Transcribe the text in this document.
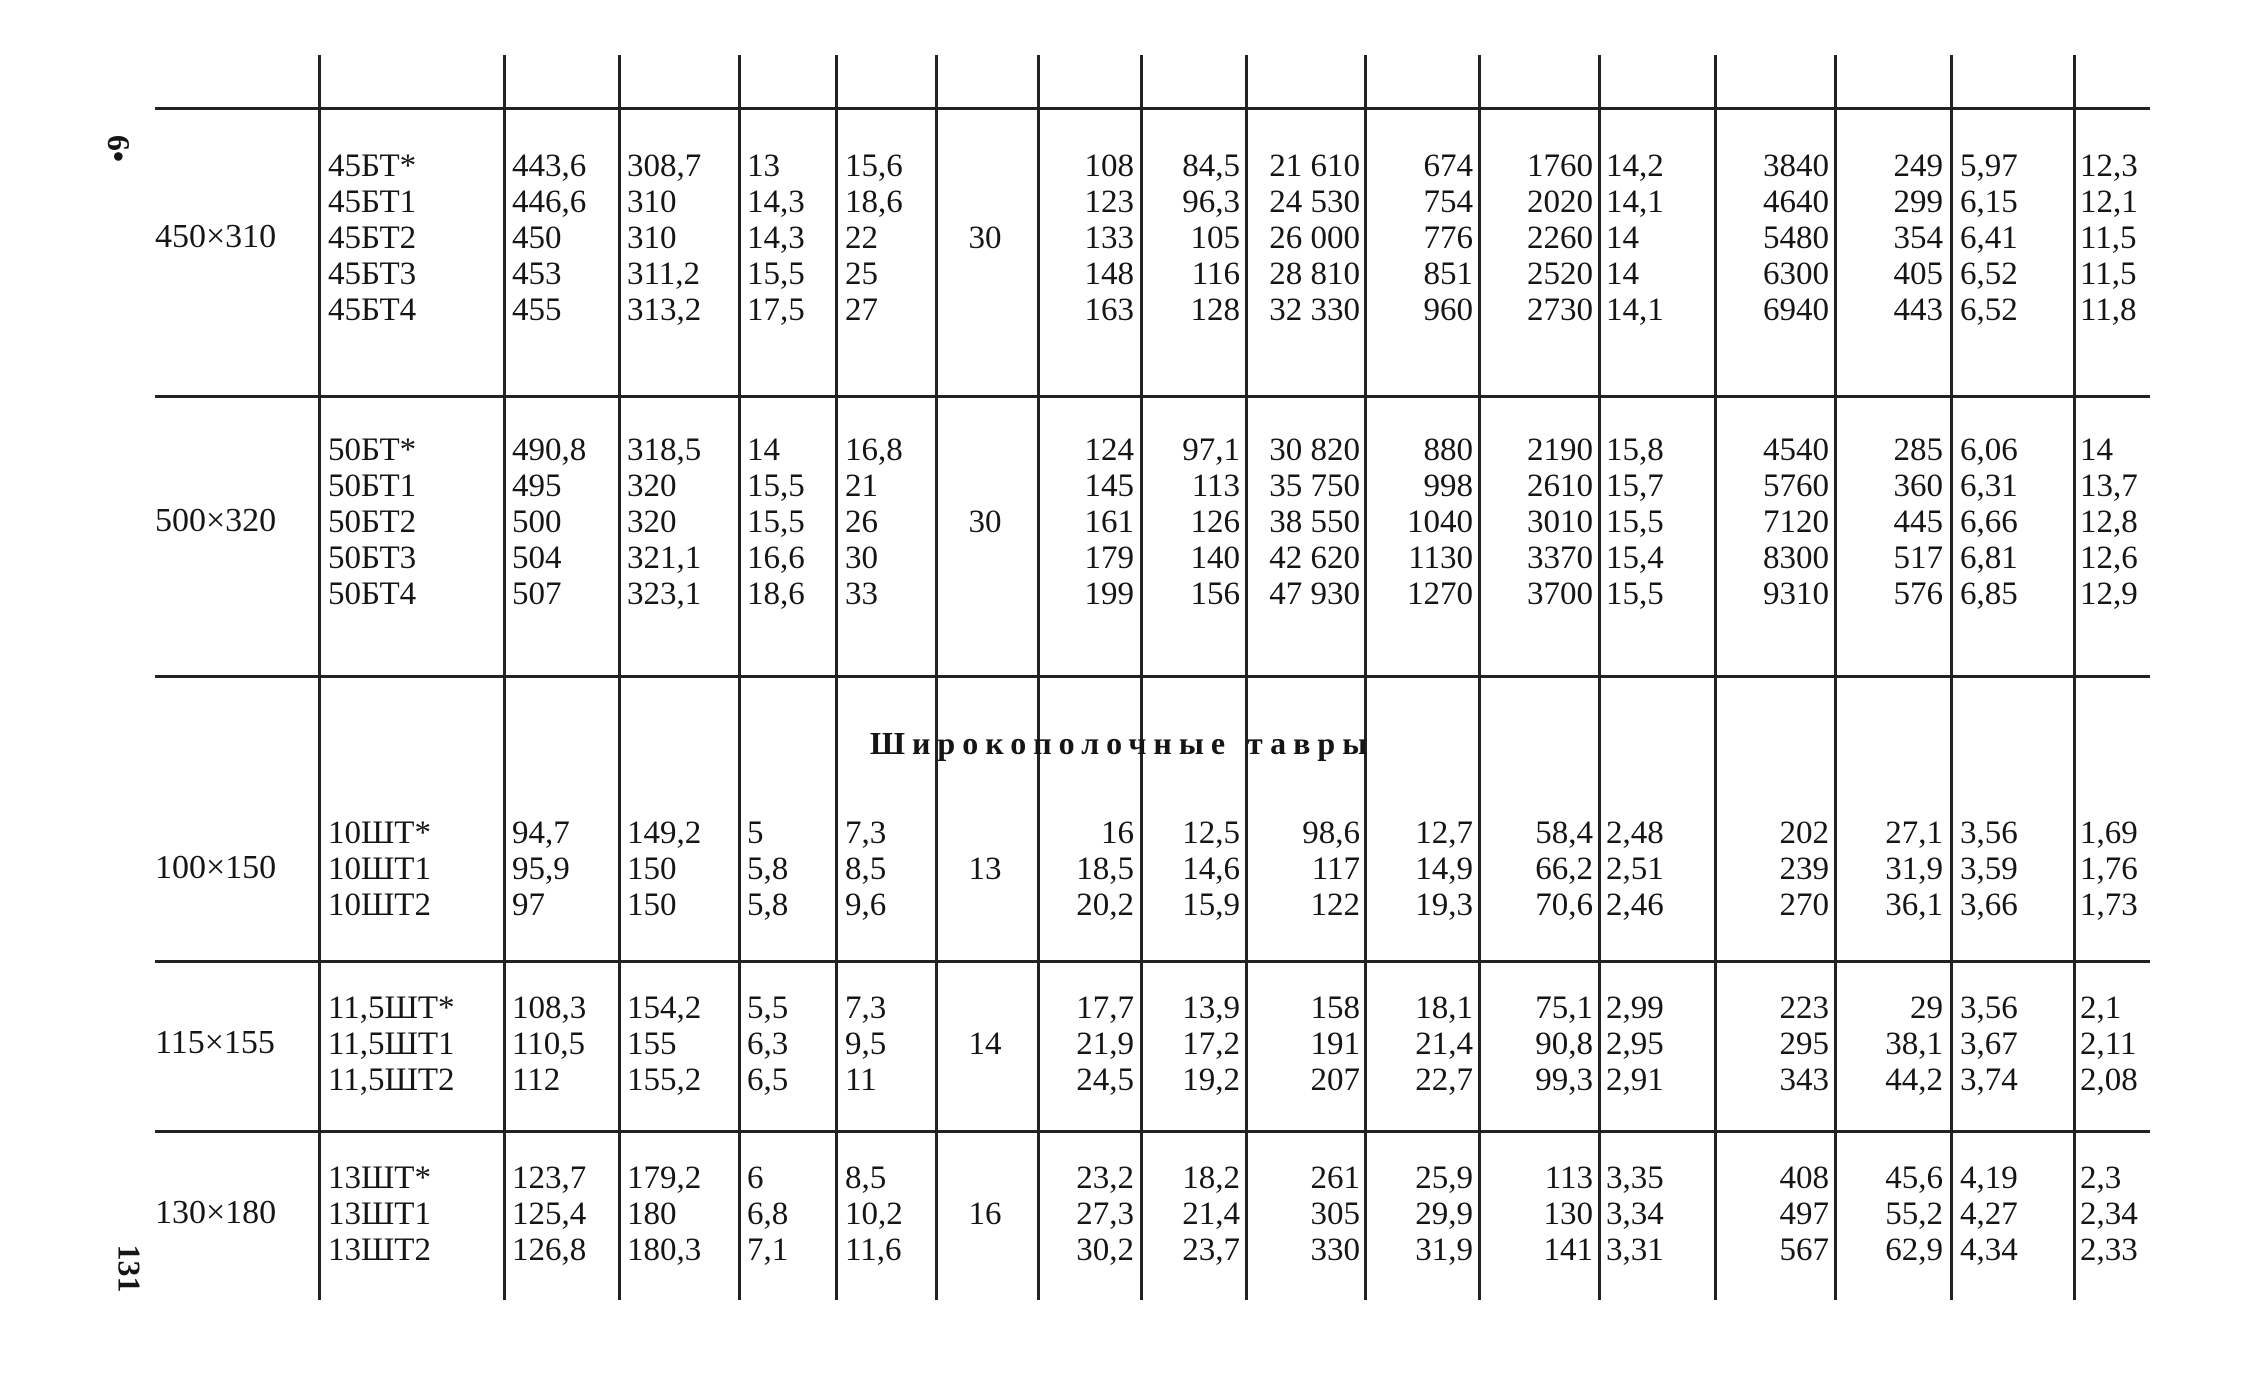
Широкополочные тавры
6•
131
450×310
45БТ*
45БТ1
45БТ2
45БТ3
45БТ4
443,6
446,6
450
453
455
308,7
310
310
311,2
313,2
13
14,3
14,3
15,5
17,5
15,6
18,6
22
25
27
30
108
123
133
148
163
84,5
96,3
105
116
128
21 610
24 530
26 000
28 810
32 330
674
754
776
851
960
1760
2020
2260
2520
2730
14,2
14,1
14
14
14,1
3840
4640
5480
6300
6940
249
299
354
405
443
5,97
6,15
6,41
6,52
6,52
12,3
12,1
11,5
11,5
11,8
500×320
50БТ*
50БТ1
50БТ2
50БТ3
50БТ4
490,8
495
500
504
507
318,5
320
320
321,1
323,1
14
15,5
15,5
16,6
18,6
16,8
21
26
30
33
30
124
145
161
179
199
97,1
113
126
140
156
30 820
35 750
38 550
42 620
47 930
880
998
1040
1130
1270
2190
2610
3010
3370
3700
15,8
15,7
15,5
15,4
15,5
4540
5760
7120
8300
9310
285
360
445
517
576
6,06
6,31
6,66
6,81
6,85
14
13,7
12,8
12,6
12,9
100×150
10ШТ*
10ШТ1
10ШТ2
94,7
95,9
97
149,2
150
150
5
5,8
5,8
7,3
8,5
9,6
13
16
18,5
20,2
12,5
14,6
15,9
98,6
117
122
12,7
14,9
19,3
58,4
66,2
70,6
2,48
2,51
2,46
202
239
270
27,1
31,9
36,1
3,56
3,59
3,66
1,69
1,76
1,73
115×155
11,5ШТ*
11,5ШТ1
11,5ШТ2
108,3
110,5
112
154,2
155
155,2
5,5
6,3
6,5
7,3
9,5
11
14
17,7
21,9
24,5
13,9
17,2
19,2
158
191
207
18,1
21,4
22,7
75,1
90,8
99,3
2,99
2,95
2,91
223
295
343
29
38,1
44,2
3,56
3,67
3,74
2,1
2,11
2,08
130×180
13ШТ*
13ШТ1
13ШТ2
123,7
125,4
126,8
179,2
180
180,3
6
6,8
7,1
8,5
10,2
11,6
16
23,2
27,3
30,2
18,2
21,4
23,7
261
305
330
25,9
29,9
31,9
113
130
141
3,35
3,34
3,31
408
497
567
45,6
55,2
62,9
4,19
4,27
4,34
2,3
2,34
2,33
